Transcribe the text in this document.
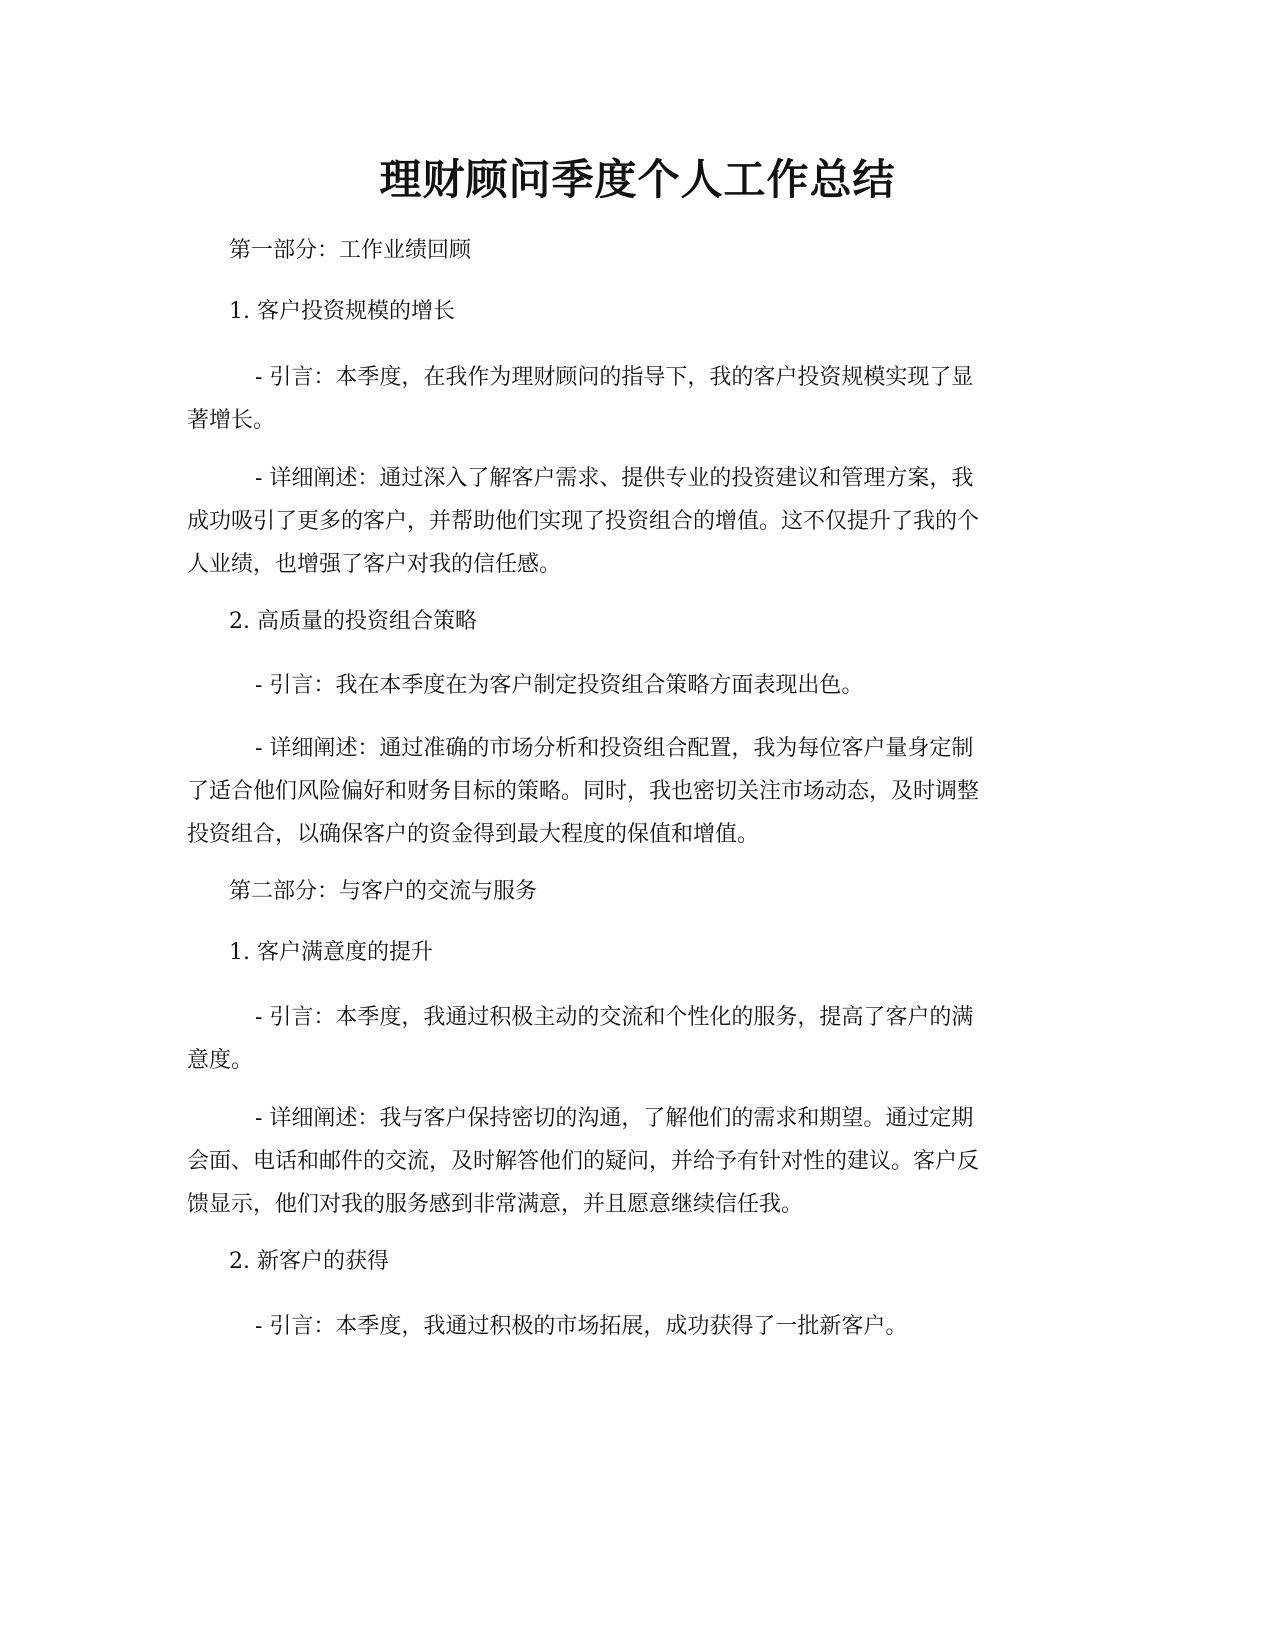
理财顾问季度个人工作总结

第一部分：工作业绩回顾

1. 客户投资规模的增长

- 引言：本季度，在我作为理财顾问的指导下，我的客户投资规模实现了显
著增长。
- 详细阐述：通过深入了解客户需求、提供专业的投资建议和管理方案，我
成功吸引了更多的客户，并帮助他们实现了投资组合的增值。这不仅提升了我的个
人业绩，也增强了客户对我的信任感。

2. 高质量的投资组合策略

- 引言：我在本季度在为客户制定投资组合策略方面表现出色。
- 详细阐述：通过准确的市场分析和投资组合配置，我为每位客户量身定制
了适合他们风险偏好和财务目标的策略。同时，我也密切关注市场动态，及时调整
投资组合，以确保客户的资金得到最大程度的保值和增值。

第二部分：与客户的交流与服务

1. 客户满意度的提升

- 引言：本季度，我通过积极主动的交流和个性化的服务，提高了客户的满
意度。
- 详细阐述：我与客户保持密切的沟通，了解他们的需求和期望。通过定期
会面、电话和邮件的交流，及时解答他们的疑问，并给予有针对性的建议。客户反
馈显示，他们对我的服务感到非常满意，并且愿意继续信任我。

2. 新客户的获得

- 引言：本季度，我通过积极的市场拓展，成功获得了一批新客户。
